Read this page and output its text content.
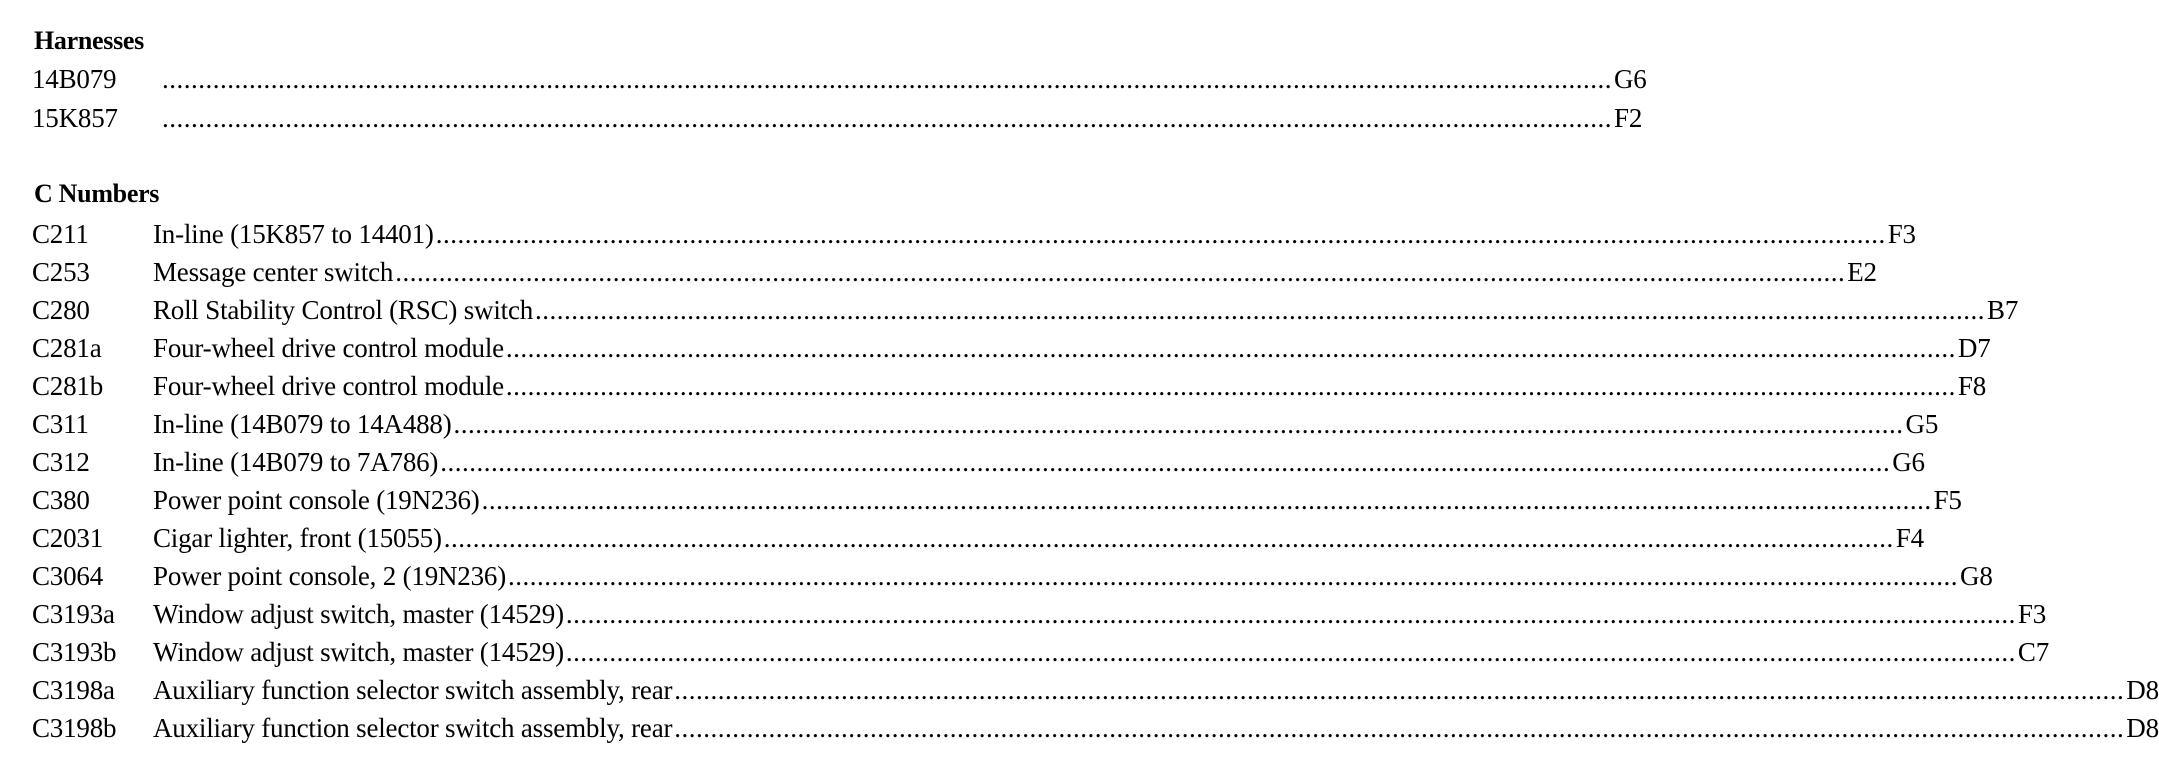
Harnesses
14B079 ........................................................................................................................................................................................................ G6
15K857 ........................................................................................................................................................................................................ F2
C Numbers
C211 In-line (15K857 to 14401) ........................................................................................................................................................................................................ F3
C253 Message center switch ........................................................................................................................................................................................................ E2
C280 Roll Stability Control (RSC) switch ........................................................................................................................................................................................................ B7
C281a Four-wheel drive control module ........................................................................................................................................................................................................ D7
C281b Four-wheel drive control module ........................................................................................................................................................................................................ F8
C311 In-line (14B079 to 14A488) ........................................................................................................................................................................................................ G5
C312 In-line (14B079 to 7A786) ........................................................................................................................................................................................................ G6
C380 Power point console (19N236) ........................................................................................................................................................................................................ F5
C2031 Cigar lighter, front (15055) ........................................................................................................................................................................................................ F4
C3064 Power point console, 2 (19N236) ........................................................................................................................................................................................................ G8
C3193a Window adjust switch, master (14529) ........................................................................................................................................................................................................ F3
C3193b Window adjust switch, master (14529) ........................................................................................................................................................................................................ C7
C3198a Auxiliary function selector switch assembly, rear ........................................................................................................................................................................................................ D8
C3198b Auxiliary function selector switch assembly, rear ........................................................................................................................................................................................................ D8
